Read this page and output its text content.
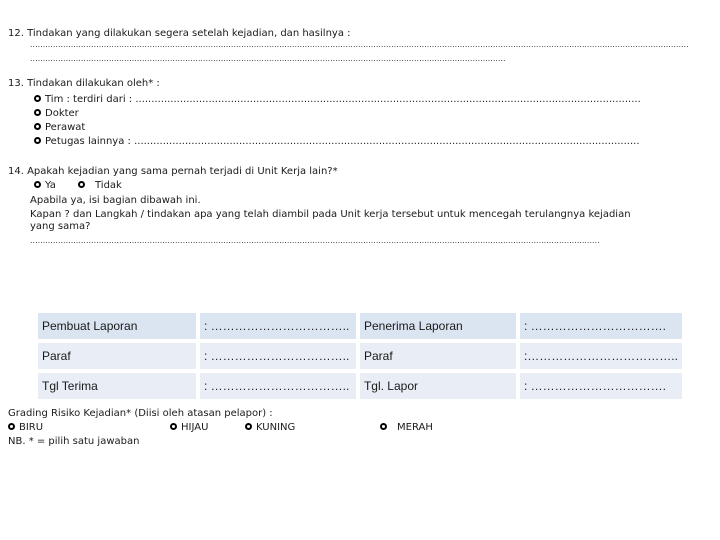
12. Tindakan yang dilakukan segera setelah kejadian, dan hasilnya :
...................................................................................................................................................................................................................................................................
...........................................................................................................................................................................................
13. Tindakan dilakukan oleh* :
Tim : terdiri dari : ...............................................................................................................................................................
Dokter
Perawat
Petugas lainnya : ...............................................................................................................................................................
14. Apakah kejadian yang sama pernah terjadi di Unit Kerja lain?*
Ya	Tidak
Apabila ya, isi bagian dibawah ini.
Kapan ? dan Langkah / tindakan apa yang telah diambil pada Unit kerja tersebut untuk mencegah terulangnya kejadian yang sama?
................................................................................................................................................................................................................................
Pembuat Laporan	: ……………………………..	Penerima Laporan	: …………………………….
Paraf	: ……………………………..	Paraf	:………………………………..
Tgl Terima	: ……………………………..	Tgl. Lapor	: …………………………….
Grading Risiko Kejadian* (Diisi oleh atasan pelapor) :
BIRU	HIJAU	KUNING	MERAH
NB. * = pilih satu jawaban
